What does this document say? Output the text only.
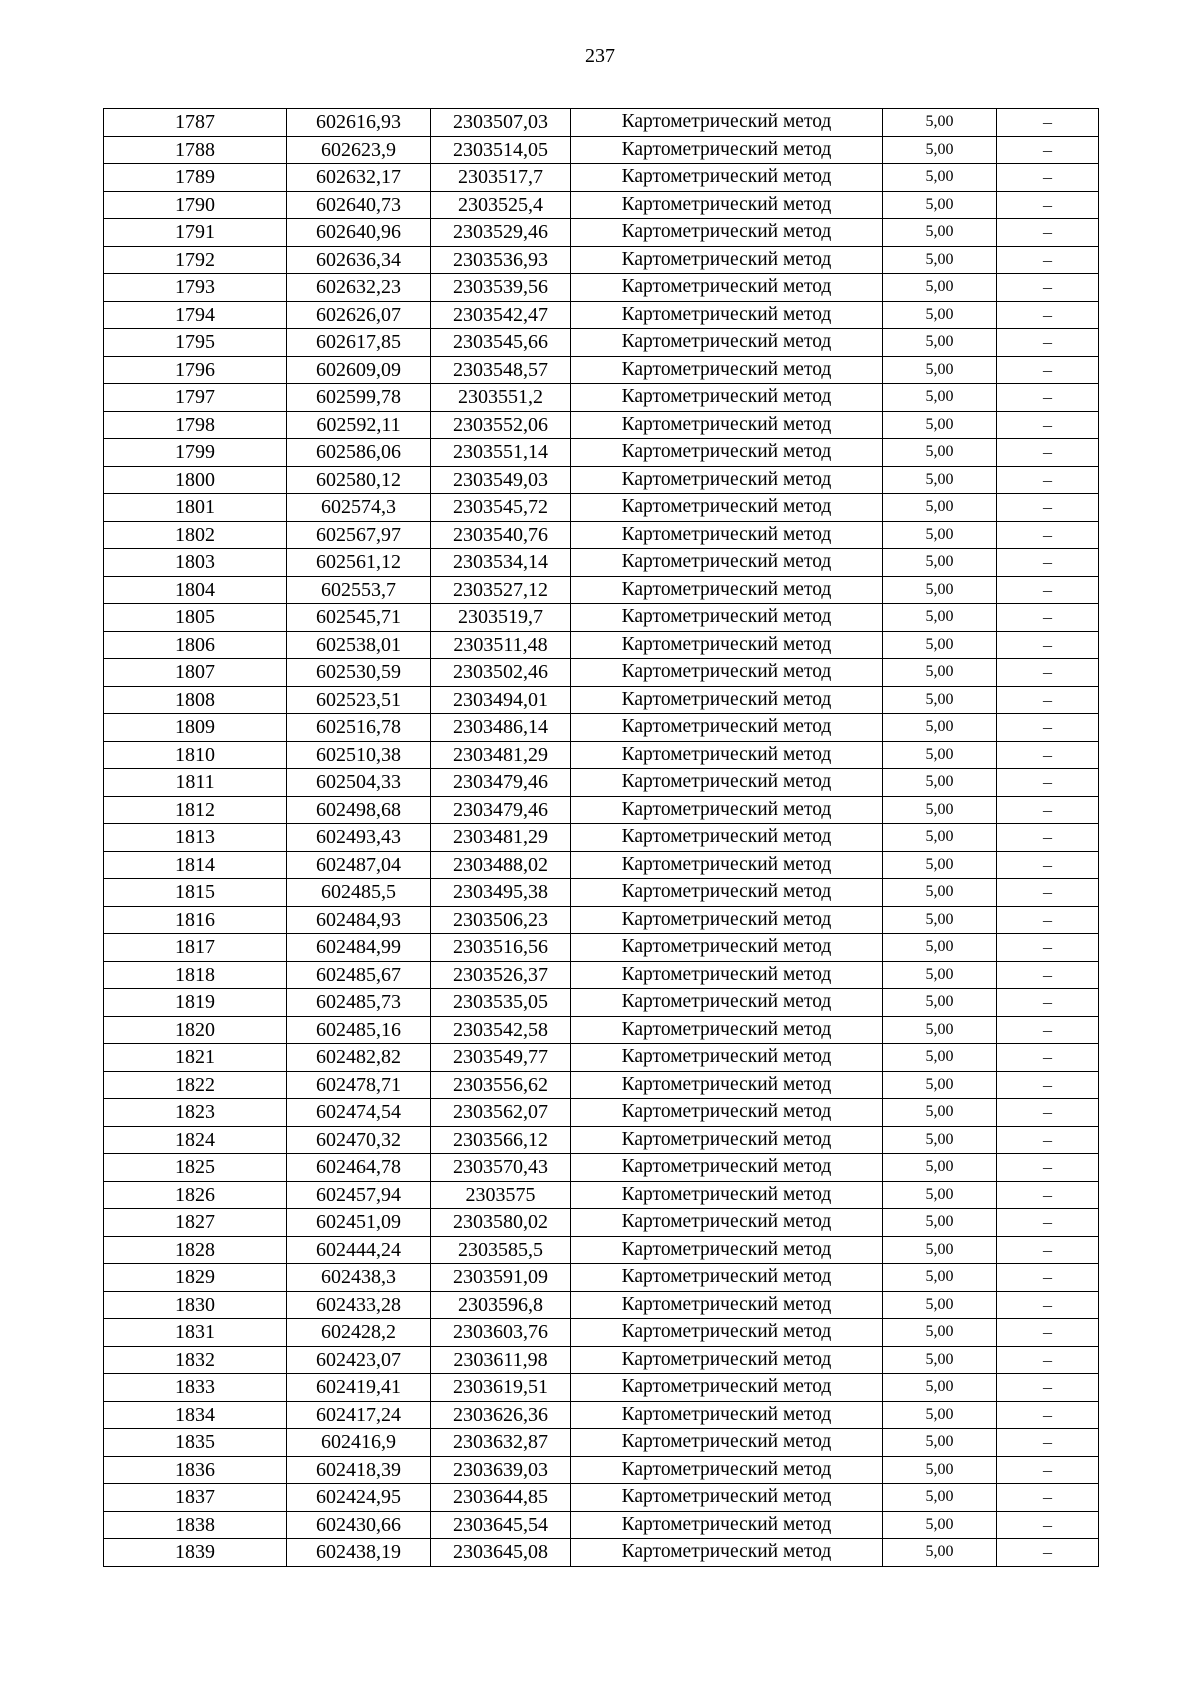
237
1787	602616,93	2303507,03	Картометрический метод	5,00	–
1788	602623,9	2303514,05	Картометрический метод	5,00	–
1789	602632,17	2303517,7	Картометрический метод	5,00	–
1790	602640,73	2303525,4	Картометрический метод	5,00	–
1791	602640,96	2303529,46	Картометрический метод	5,00	–
1792	602636,34	2303536,93	Картометрический метод	5,00	–
1793	602632,23	2303539,56	Картометрический метод	5,00	–
1794	602626,07	2303542,47	Картометрический метод	5,00	–
1795	602617,85	2303545,66	Картометрический метод	5,00	–
1796	602609,09	2303548,57	Картометрический метод	5,00	–
1797	602599,78	2303551,2	Картометрический метод	5,00	–
1798	602592,11	2303552,06	Картометрический метод	5,00	–
1799	602586,06	2303551,14	Картометрический метод	5,00	–
1800	602580,12	2303549,03	Картометрический метод	5,00	–
1801	602574,3	2303545,72	Картометрический метод	5,00	–
1802	602567,97	2303540,76	Картометрический метод	5,00	–
1803	602561,12	2303534,14	Картометрический метод	5,00	–
1804	602553,7	2303527,12	Картометрический метод	5,00	–
1805	602545,71	2303519,7	Картометрический метод	5,00	–
1806	602538,01	2303511,48	Картометрический метод	5,00	–
1807	602530,59	2303502,46	Картометрический метод	5,00	–
1808	602523,51	2303494,01	Картометрический метод	5,00	–
1809	602516,78	2303486,14	Картометрический метод	5,00	–
1810	602510,38	2303481,29	Картометрический метод	5,00	–
1811	602504,33	2303479,46	Картометрический метод	5,00	–
1812	602498,68	2303479,46	Картометрический метод	5,00	–
1813	602493,43	2303481,29	Картометрический метод	5,00	–
1814	602487,04	2303488,02	Картометрический метод	5,00	–
1815	602485,5	2303495,38	Картометрический метод	5,00	–
1816	602484,93	2303506,23	Картометрический метод	5,00	–
1817	602484,99	2303516,56	Картометрический метод	5,00	–
1818	602485,67	2303526,37	Картометрический метод	5,00	–
1819	602485,73	2303535,05	Картометрический метод	5,00	–
1820	602485,16	2303542,58	Картометрический метод	5,00	–
1821	602482,82	2303549,77	Картометрический метод	5,00	–
1822	602478,71	2303556,62	Картометрический метод	5,00	–
1823	602474,54	2303562,07	Картометрический метод	5,00	–
1824	602470,32	2303566,12	Картометрический метод	5,00	–
1825	602464,78	2303570,43	Картометрический метод	5,00	–
1826	602457,94	2303575	Картометрический метод	5,00	–
1827	602451,09	2303580,02	Картометрический метод	5,00	–
1828	602444,24	2303585,5	Картометрический метод	5,00	–
1829	602438,3	2303591,09	Картометрический метод	5,00	–
1830	602433,28	2303596,8	Картометрический метод	5,00	–
1831	602428,2	2303603,76	Картометрический метод	5,00	–
1832	602423,07	2303611,98	Картометрический метод	5,00	–
1833	602419,41	2303619,51	Картометрический метод	5,00	–
1834	602417,24	2303626,36	Картометрический метод	5,00	–
1835	602416,9	2303632,87	Картометрический метод	5,00	–
1836	602418,39	2303639,03	Картометрический метод	5,00	–
1837	602424,95	2303644,85	Картометрический метод	5,00	–
1838	602430,66	2303645,54	Картометрический метод	5,00	–
1839	602438,19	2303645,08	Картометрический метод	5,00	–
